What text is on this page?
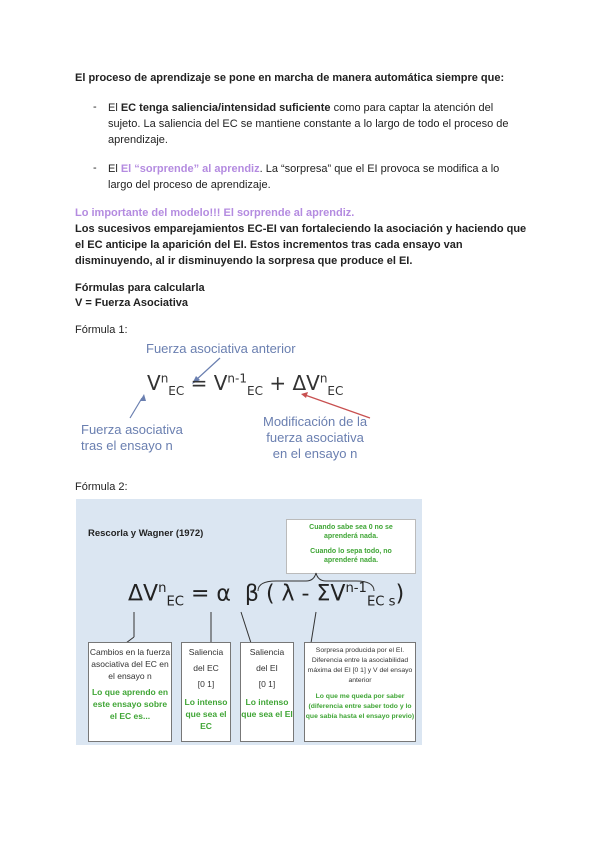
El proceso de aprendizaje se pone en marcha de manera automática siempre que:
- El EC tenga saliencia/intensidad suficiente como para captar la atención del
sujeto. La saliencia del EC se mantiene constante a lo largo de todo el proceso de
aprendizaje.
- El El “sorprende” al aprendiz. La “sorpresa” que el EI provoca se modifica a lo
largo del proceso de aprendizaje.
Lo importante del modelo!!! El sorprende al aprendiz.
Los sucesivos emparejamientos EC-EI van fortaleciendo la asociación y haciendo que
el EC anticipe la aparición del EI. Estos incrementos tras cada ensayo van
disminuyendo, al ir disminuyendo la sorpresa que produce el EI.
Fórmulas para calcularla
V = Fuerza Asociativa
Fórmula 1:
Fuerza asociativa anterior
$V^n_{EC} = V^{n-1}_{EC} + \Delta V^n_{EC}$
Fuerza asociativa
tras el ensayo n
Modificación de la
fuerza asociativa
en el ensayo n
Fórmula 2:
Rescorla y Wagner (1972)
Cuando sabe sea 0 no se
aprenderá nada.
Cuando lo sepa todo, no
aprenderé nada.
$\Delta V^n_{EC} = \alpha$  β ( λ - $\Sigma V^{n-1}_{EC s}$)
Cambios en la fuerza
asociativa del EC en
el ensayo n
Lo que aprendo en
este ensayo sobre
el EC es...
Saliencia
del EC
[0 1]
Lo intenso
que sea el
EC
Saliencia
del EI
[0 1]
Lo intenso
que sea el EI
Sorpresa producida por el EI.
Diferencia entre la asociabilidad
máxima del EI [0 1] y V del ensayo
anterior
Lo que me queda por saber
(diferencia entre saber todo y lo
que sabía hasta el ensayo previo)
